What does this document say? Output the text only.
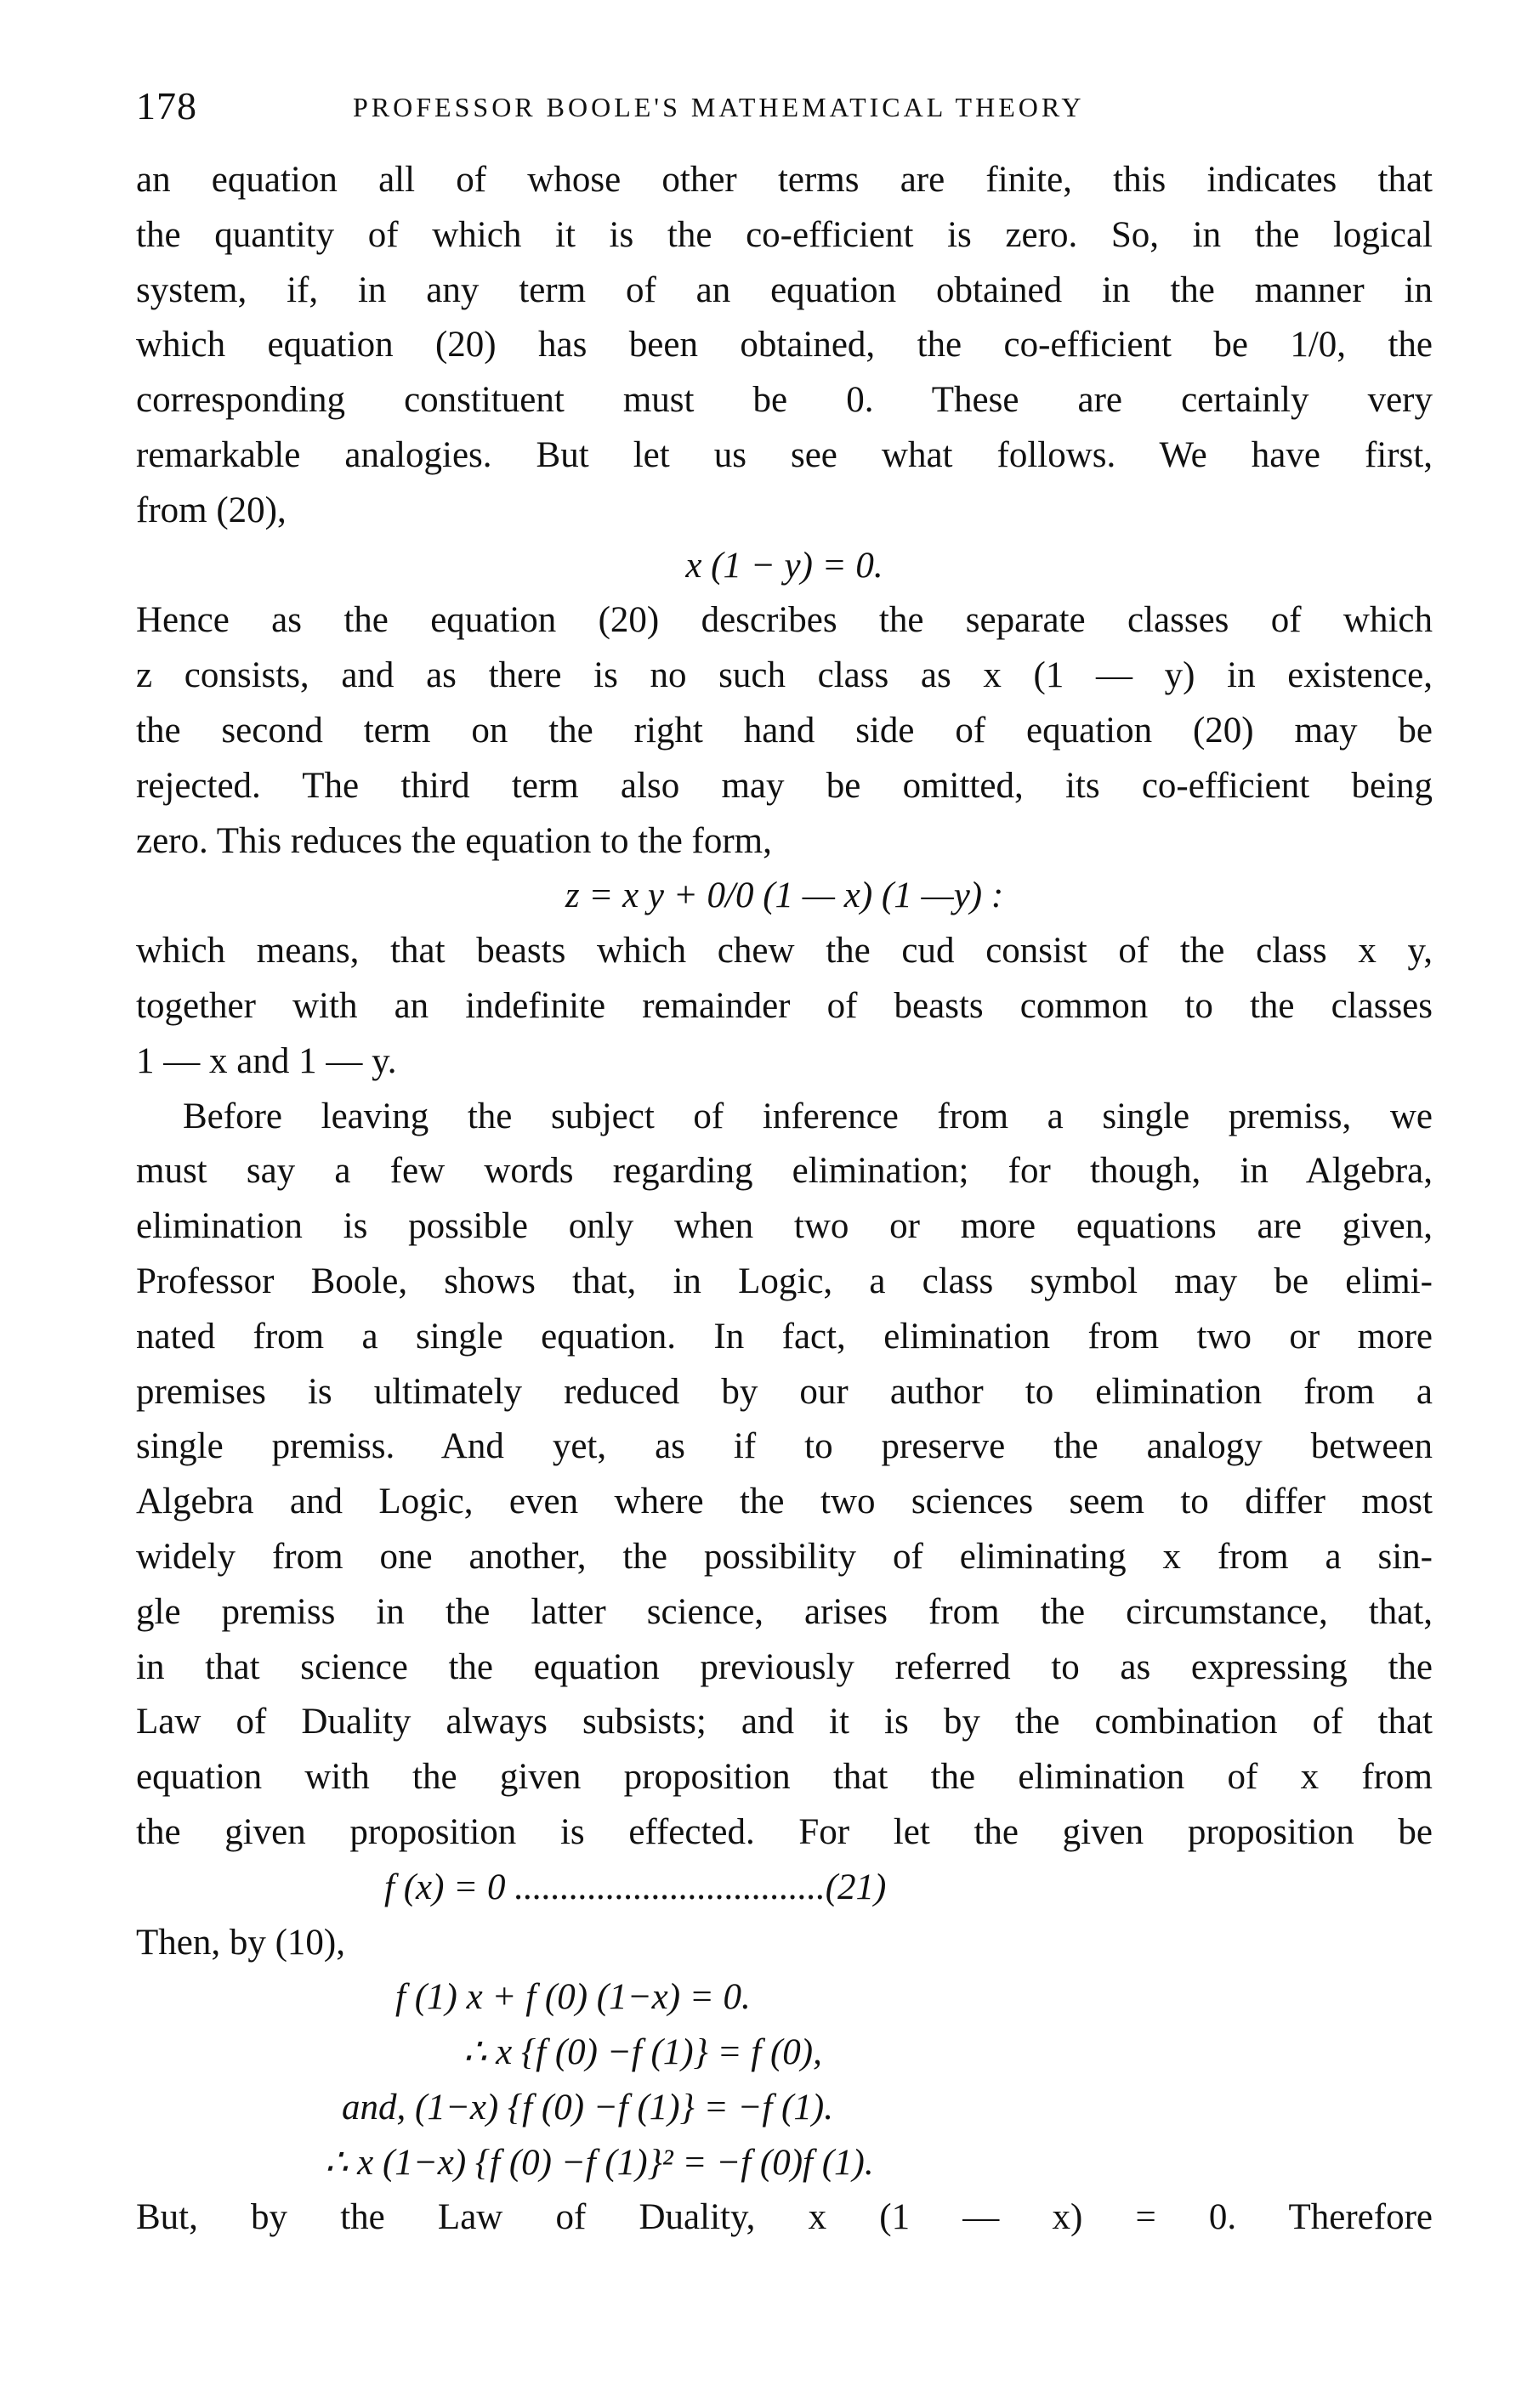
178	PROFESSOR BOOLE'S MATHEMATICAL THEORY
an equation all of whose other terms are finite, this indicates that
the quantity of which it is the co-efficient is zero. So, in the logical
system, if, in any term of an equation obtained in the manner in
which equation (20) has been obtained, the co-efficient be 1/0, the
corresponding constituent must be 0. These are certainly very
remarkable analogies. But let us see what follows. We have first,
from (20),
x (1 − y) = 0.
Hence as the equation (20) describes the separate classes of which
z consists, and as there is no such class as x (1 — y) in existence,
the second term on the right hand side of equation (20) may be
rejected. The third term also may be omitted, its co-efficient being
zero. This reduces the equation to the form,
z = x y + 0/0 (1 — x) (1 —y) :
which means, that beasts which chew the cud consist of the class x y,
together with an indefinite remainder of beasts common to the classes
1 — x and 1 — y.
Before leaving the subject of inference from a single premiss, we
must say a few words regarding elimination; for though, in Algebra,
elimination is possible only when two or more equations are given,
Professor Boole, shows that, in Logic, a class symbol may be elimi-
nated from a single equation. In fact, elimination from two or more
premises is ultimately reduced by our author to elimination from a
single premiss. And yet, as if to preserve the analogy between
Algebra and Logic, even where the two sciences seem to differ most
widely from one another, the possibility of eliminating x from a sin-
gle premiss in the latter science, arises from the circumstance, that,
in that science the equation previously referred to as expressing the
Law of Duality always subsists; and it is by the combination of that
equation with the given proposition that the elimination of x from
the given proposition is effected. For let the given proposition be
f (x) = 0 ..................................(21)
Then, by (10),
f (1) x + f (0) (1−x) = 0.
∴ x {f (0) −f (1)} = f (0),
and, (1−x) {f (0) −f (1)} = −f (1).
∴ x (1−x) {f (0) −f (1)}² = −f (0)f (1).
But, by the Law of Duality, x (1 — x) = 0. Therefore
